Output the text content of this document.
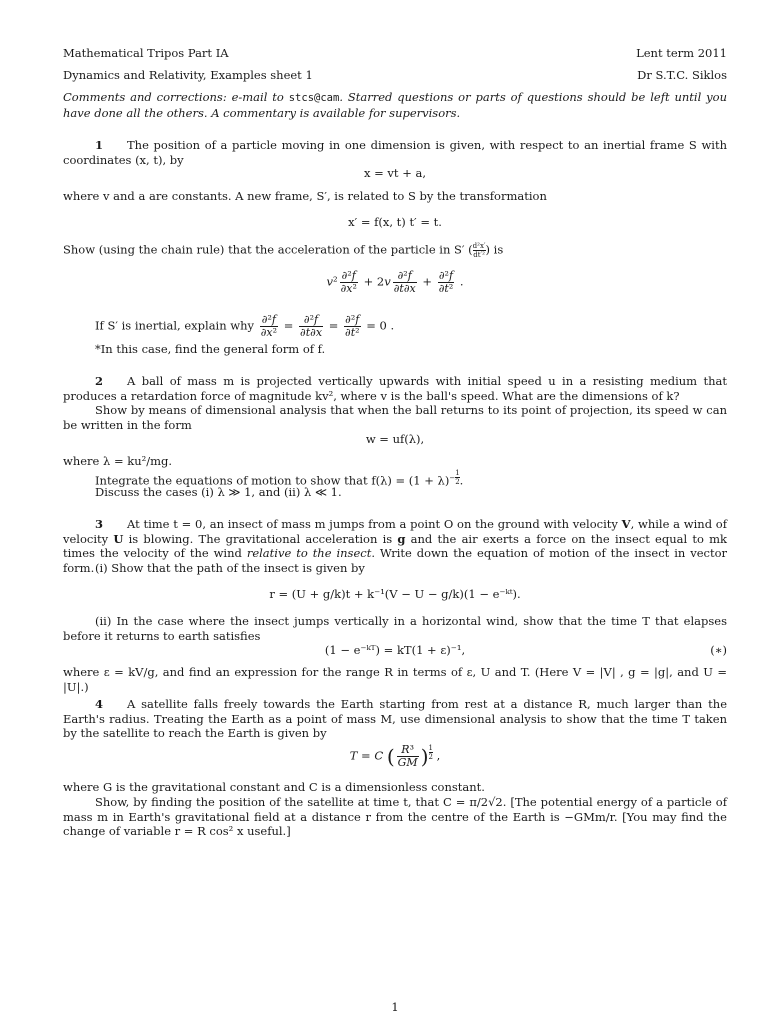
Mathematical Tripos Part IA	Lent term 2011
Dynamics and Relativity, Examples sheet 1	Dr S.T.C. Siklos
Comments and corrections: e-mail to stcs@cam. Starred questions or parts of questions should be left until you have done all the others. A commentary is available for supervisors.
1 The position of a particle moving in one dimension is given, with respect to an inertial frame S with coordinates (x, t), by
x = vt + a,
where v and a are constants. A new frame, S′, is related to S by the transformation
x′ = f(x, t) t′ = t.
Show (using the chain rule) that the acceleration of the particle in S′ ( $\frac{\text{d²x′}}{\text{dt′²}}$ ) is
$v^2 \frac{\text{∂²f}}{\text{∂x²}} + 2v \frac{\text{∂²f}}{\partial t\partial x} + \frac{\text{∂²f}}{\text{∂t²}}$ .
If S′ is inertial, explain why $\frac{\text{∂²f}}{\text{∂x²}} = \frac{\text{∂²f}}{\partial t\partial x} = \frac{\text{∂²f}}{\text{∂t²}} = 0$ .
*In this case, find the general form of f.
2 A ball of mass m is projected vertically upwards with initial speed u in a resisting medium that produces a retardation force of magnitude kv², where v is the ball's speed. What are the dimensions of k?
Show by means of dimensional analysis that when the ball returns to its point of projection, its speed w can be written in the form
w = uf(λ),
where λ = ku²/mg.
Integrate the equations of motion to show that $f(\lambda) = (1 + \lambda)^{- \frac{1}{2}}$ .
Discuss the cases (i) λ ≫ 1, and (ii) λ ≪ 1.
3 At time t = 0, an insect of mass m jumps from a point O on the ground with velocity V, while a wind of velocity U is blowing. The gravitational acceleration is g and the air exerts a force on the insect equal to mk times the velocity of the wind relative to the insect. Write down the equation of motion of the insect in vector form. (i) Show that the path of the insect is given by
r = (U + g/k)t + k⁻¹(V − U − g/k)(1 − e⁻ᵏᵗ).
(ii) In the case where the insect jumps vertically in a horizontal wind, show that the time T that elapses before it returns to earth satisfies
(1 − e⁻ᵏᵀ) = kT(1 + ε)⁻¹,	(∗)
where ε = kV/g, and find an expression for the range R in terms of ε, U and T. (Here V = |V| , g = |g|, and U = |U|.)
4 A satellite falls freely towards the Earth starting from rest at a distance R, much larger than the Earth's radius. Treating the Earth as a point of mass M, use dimensional analysis to show that the time T taken by the satellite to reach the Earth is given by
T = C ( $\frac{\text{R³}}{GM}$ ) $^{\frac{1}{2}}$ ,
where G is the gravitational constant and C is a dimensionless constant.
Show, by finding the position of the satellite at time t, that C = π/2√2. [The potential energy of a particle of mass m in Earth's gravitational field at a distance r from the centre of the Earth is −GMm/r. [You may find the change of variable r = R cos² x useful.]
1
